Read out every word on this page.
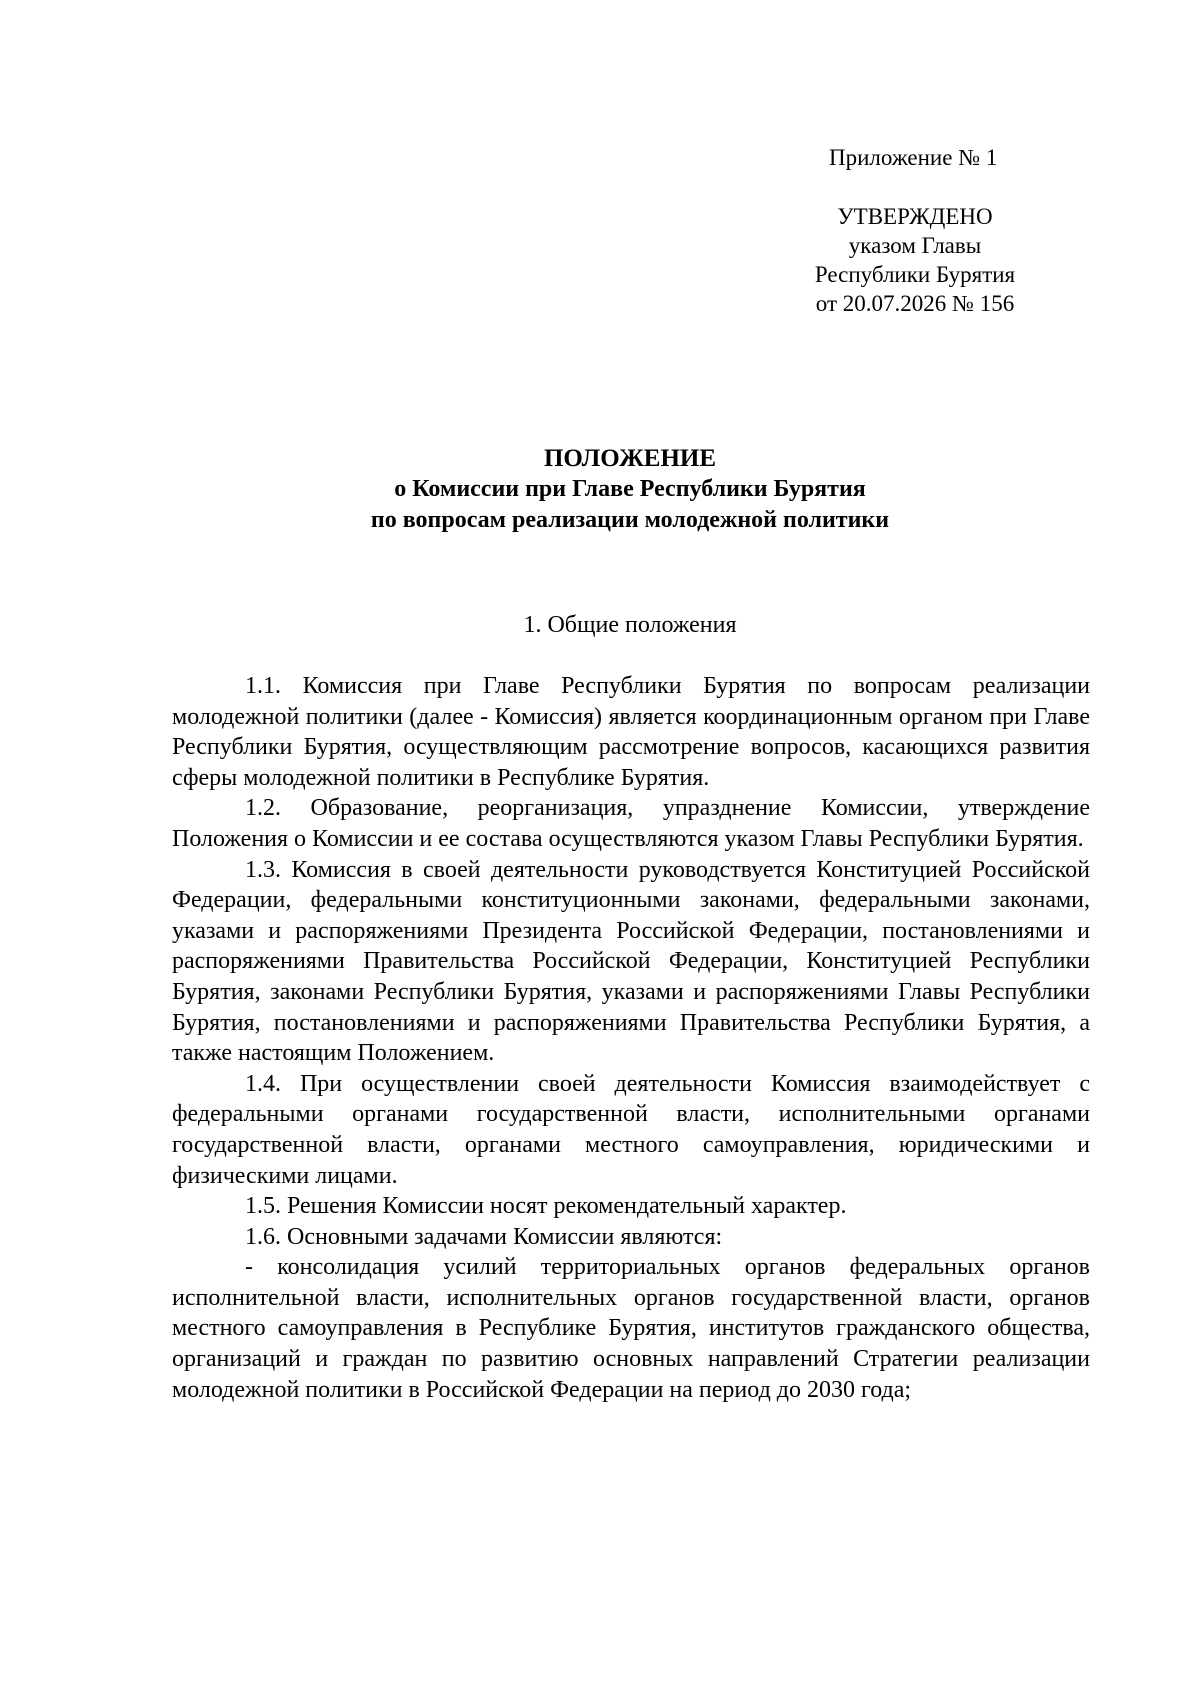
Приложение № 1
УТВЕРЖДЕНО
указом Главы
Республики Бурятия
от 20.07.2026 № 156
ПОЛОЖЕНИЕ
о Комиссии при Главе Республики Бурятия
по вопросам реализации молодежной политики
1. Общие положения

1.1. Комиссия при Главе Республики Бурятия по вопросам реализации молодежной политики (далее - Комиссия) является координационным органом при Главе Республики Бурятия, осуществляющим рассмотрение вопросов, касающихся развития сферы молодежной политики в Республике Бурятия.

1.2. Образование, реорганизация, упразднение Комиссии, утверждение Положения о Комиссии и ее состава осуществляются указом Главы Республики Бурятия.

1.3. Комиссия в своей деятельности руководствуется Конституцией Российской Федерации, федеральными конституционными законами, федеральными законами, указами и распоряжениями Президента Российской Федерации, постановлениями и распоряжениями Правительства Российской Федерации, Конституцией Республики Бурятия, законами Республики Бурятия, указами и распоряжениями Главы Республики Бурятия, постановлениями и распоряжениями Правительства Республики Бурятия, а также настоящим Положением.

1.4. При осуществлении своей деятельности Комиссия взаимодействует с федеральными органами государственной власти, исполнительными органами государственной власти, органами местного самоуправления, юридическими и физическими лицами.

1.5. Решения Комиссии носят рекомендательный характер.

1.6. Основными задачами Комиссии являются:

- консолидация усилий территориальных органов федеральных органов исполнительной власти, исполнительных органов государственной власти, органов местного самоуправления в Республике Бурятия, институтов гражданского общества, организаций и граждан по развитию основных направлений Стратегии реализации молодежной политики в Российской Федерации на период до 2030 года;
